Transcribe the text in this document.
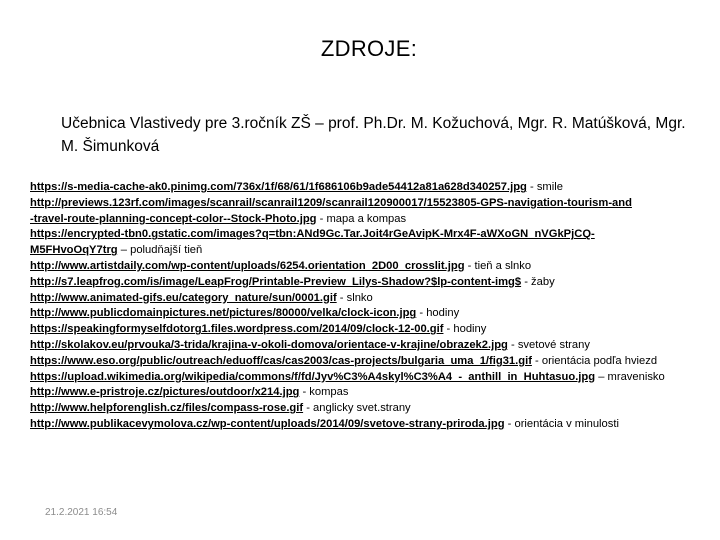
ZDROJE:
Učebnica Vlastivedy pre 3.ročník ZŠ – prof. Ph.Dr. M. Kožuchová, Mgr. R. Matúšková, Mgr.
M. Šimunková
https://s-media-cache-ak0.pinimg.com/736x/1f/68/61/1f686106b9ade54412a81a628d340257.jpg - smile
http://previews.123rf.com/images/scanrail/scanrail1209/scanrail120900017/15523805-GPS-navigation-tourism-and
-travel-route-planning-concept-color--Stock-Photo.jpg - mapa a kompas
https://encrypted-tbn0.gstatic.com/images?q=tbn:ANd9Gc.Tar.Joit4rGeAvipK-Mrx4F-aWXoGN_nVGkPjCQ-
M5FHvoOqY7trg – poludňajší tieň
http://www.artistdaily.com/wp-content/uploads/6254.orientation_2D00_crosslit.jpg - tieň a slnko
http://s7.leapfrog.com/is/image/LeapFrog/Printable-Preview_Lilys-Shadow?$lp-content-img$ - žaby
http://www.animated-gifs.eu/category_nature/sun/0001.gif - slnko
http://www.publicdomainpictures.net/pictures/80000/velka/clock-icon.jpg - hodiny
https://speakingformyselfdotorg1.files.wordpress.com/2014/09/clock-12-00.gif - hodiny
http://skolakov.eu/prvouka/3-trida/krajina-v-okoli-domova/orientace-v-krajine/obrazek2.jpg - svetové strany
https://www.eso.org/public/outreach/eduoff/cas/cas2003/cas-projects/bulgaria_uma_1/fig31.gif - orientácia podľa hviezd
https://upload.wikimedia.org/wikipedia/commons/f/fd/Jyv%C3%A4skyl%C3%A4_-_anthill_in_Huhtasuo.jpg – mravenisko
http://www.e-pristroje.cz/pictures/outdoor/x214.jpg - kompas
http://www.helpforenglish.cz/files/compass-rose.gif - anglicky svet.strany
http://www.publikacevymolova.cz/wp-content/uploads/2014/09/svetove-strany-priroda.jpg - orientácia v minulosti
21.2.2021 16:54
